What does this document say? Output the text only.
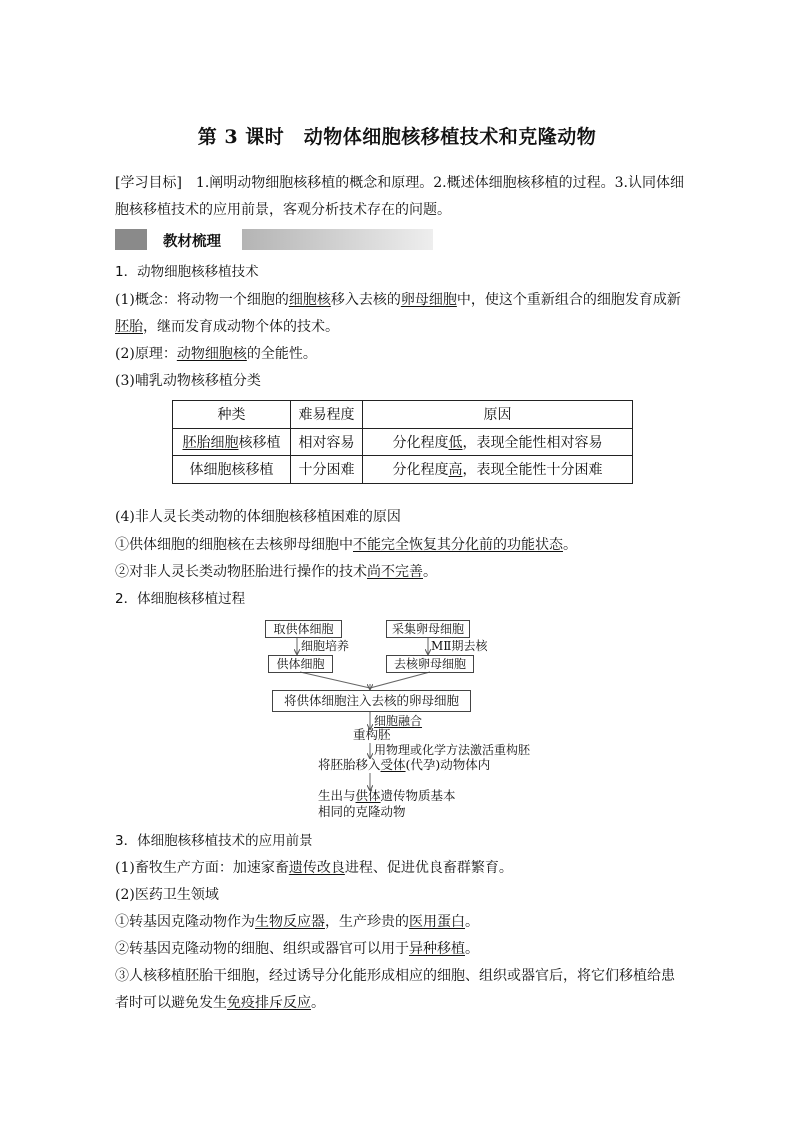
第 3 课时　动物体细胞核移植技术和克隆动物
教材梳理
[学习目标]　1.阐明动物细胞核移植的概念和原理。2.概述体细胞核移植的过程。3.认同体细
胞核移植技术的应用前景，客观分析技术存在的问题。
1．动物细胞核移植技术
(1)概念：将动物一个细胞的细胞核移入去核的卵母细胞中，使这个重新组合的细胞发育成新
胚胎，继而发育成动物个体的技术。
(2)原理：动物细胞核的全能性。
(3)哺乳动物核移植分类
(4)非人灵长类动物的体细胞核移植困难的原因
①供体细胞的细胞核在去核卵母细胞中不能完全恢复其分化前的功能状态。
②对非人灵长类动物胚胎进行操作的技术尚不完善。
2．体细胞核移植过程
3．体细胞核移植技术的应用前景
(1)畜牧生产方面：加速家畜遗传改良进程、促进优良畜群繁育。
(2)医药卫生领域
①转基因克隆动物作为生物反应器，生产珍贵的医用蛋白。
②转基因克隆动物的细胞、组织或器官可以用于异种移植。
③人核移植胚胎干细胞，经过诱导分化能形成相应的细胞、组织或器官后，将它们移植给患
者时可以避免发生免疫排斥反应。
种类	难易程度	原因
胚胎细胞核移植	相对容易	分化程度低，表现全能性相对容易
体细胞核移植	十分困难	分化程度高，表现全能性十分困难
取供体细胞
细胞培养
供体细胞
采集卵母细胞
MⅡ期去核
去核卵母细胞
将供体细胞注入去核的卵母细胞
细胞融合
重构胚
用物理或化学方法激活重构胚
将胚胎移入受体(代孕)动物体内
生出与供体遗传物质基本
相同的克隆动物
